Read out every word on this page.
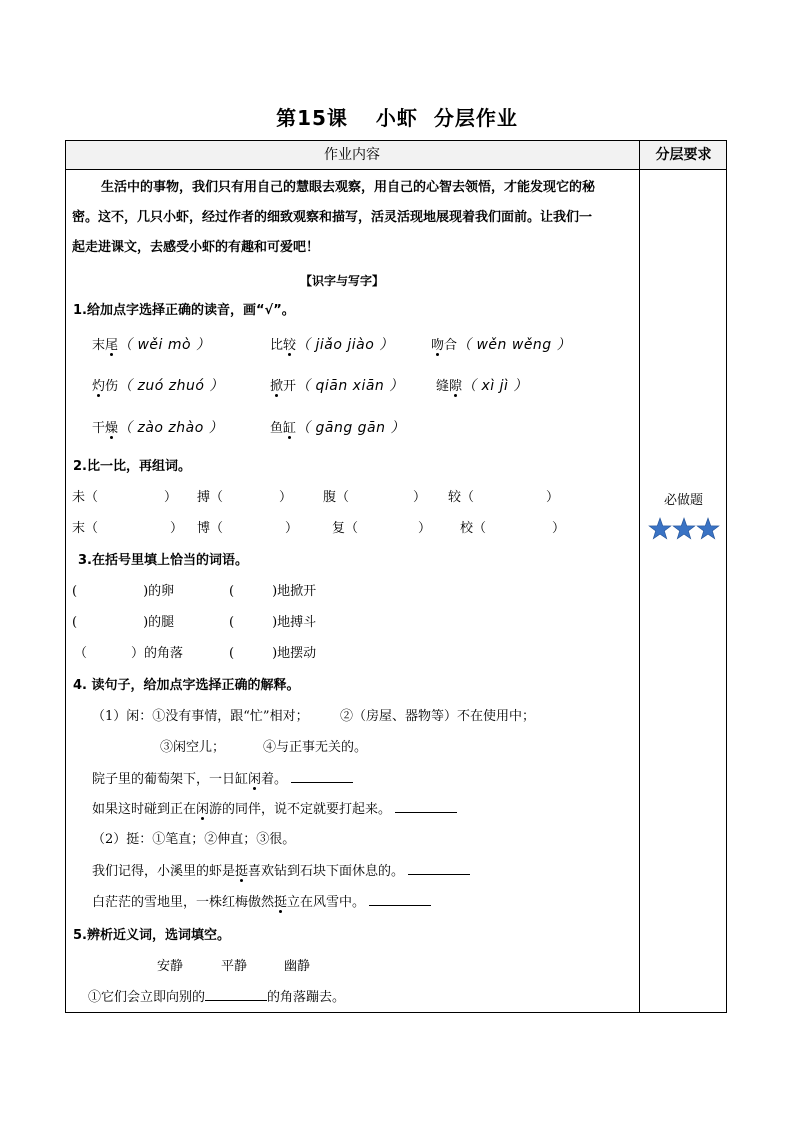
第15课 小虾 分层作业
作业内容	分层要求
生活中的事物，我们只有用自己的慧眼去观察，用自己的心智去领悟，才能发现它的秘
密。这不，几只小虾，经过作者的细致观察和描写，活灵活现地展现着我们面前。让我们一
起走进课文，去感受小虾的有趣和可爱吧！
【识字与写字】
1.给加点字选择正确的读音，画“√”。
末尾（ wěi mò ）	比较（ jiǎo jiào ）	吻合（ wěn wěng ）
灼伤（ zuó zhuó ）	掀开（ qiān xiān ） 缝隙（ xì jì ）
干燥（ zào zhào ）	鱼缸（ gāng gān ）
2.比一比，再组词。
未（	） 搏（	） 腹（	） 较（	）
末（	） 博（	）	复（	） 校（	）
3.在括号里填上恰当的词语。
(	)的卵	(	)地掀开
(	)的腿	(	)地搏斗
（	）的角落	(	)地摆动
4. 读句子，给加点字选择正确的解释。
（1）闲：①没有事情，跟“忙”相对； ②（房屋、器物等）不在使用中；
③闲空儿；	④与正事无关的。
院子里的葡萄架下，一日缸闲着。
如果这时碰到正在闲游的同伴，说不定就要打起来。
（2）挺：①笔直；②伸直；③很。
我们记得，小溪里的虾是挺喜欢钻到石块下面休息的。
白茫茫的雪地里，一株红梅傲然挺立在风雪中。
5.辨析近义词，选词填空。
安静	平静	幽静
①它们会立即向别的	的角落蹦去。
必做题
